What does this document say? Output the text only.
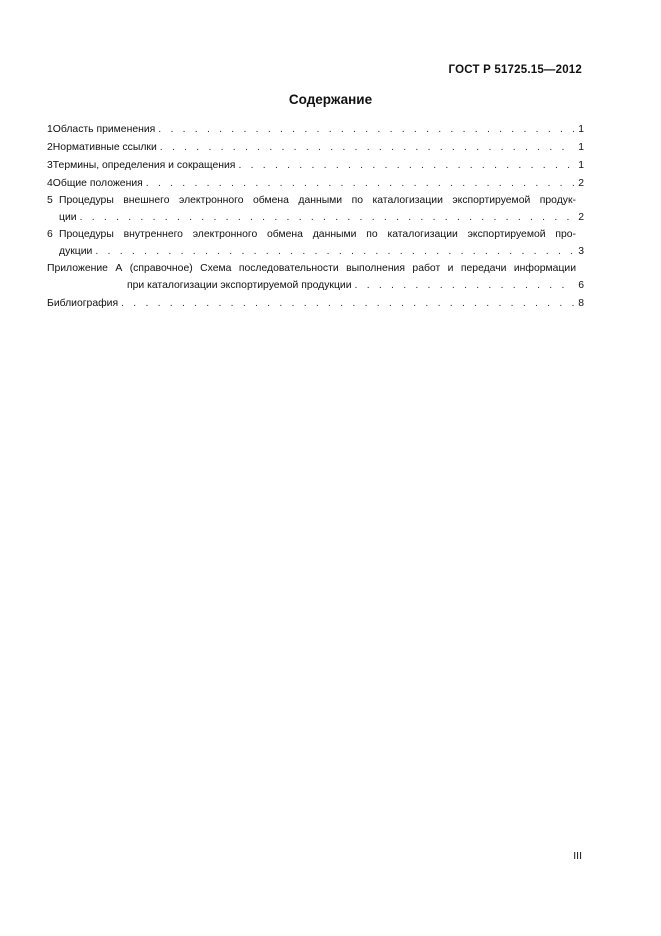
ГОСТ Р 51725.15—2012
Содержание
1 Область применения . . .	1
2 Нормативные ссылки . . .	1
3 Термины, определения и сокращения . . .	1
4 Общие положения . . .	2
5 Процедуры внешнего электронного обмена данными по каталогизации экспортируемой продук-
ции . . .	2
6 Процедуры внутреннего электронного обмена данными по каталогизации экспортируемой про-
дукции . . .	3
Приложение А (справочное) Схема последовательности выполнения работ и передачи информации
при каталогизации экспортируемой продукции . . .	6
Библиография . . .	8
III
